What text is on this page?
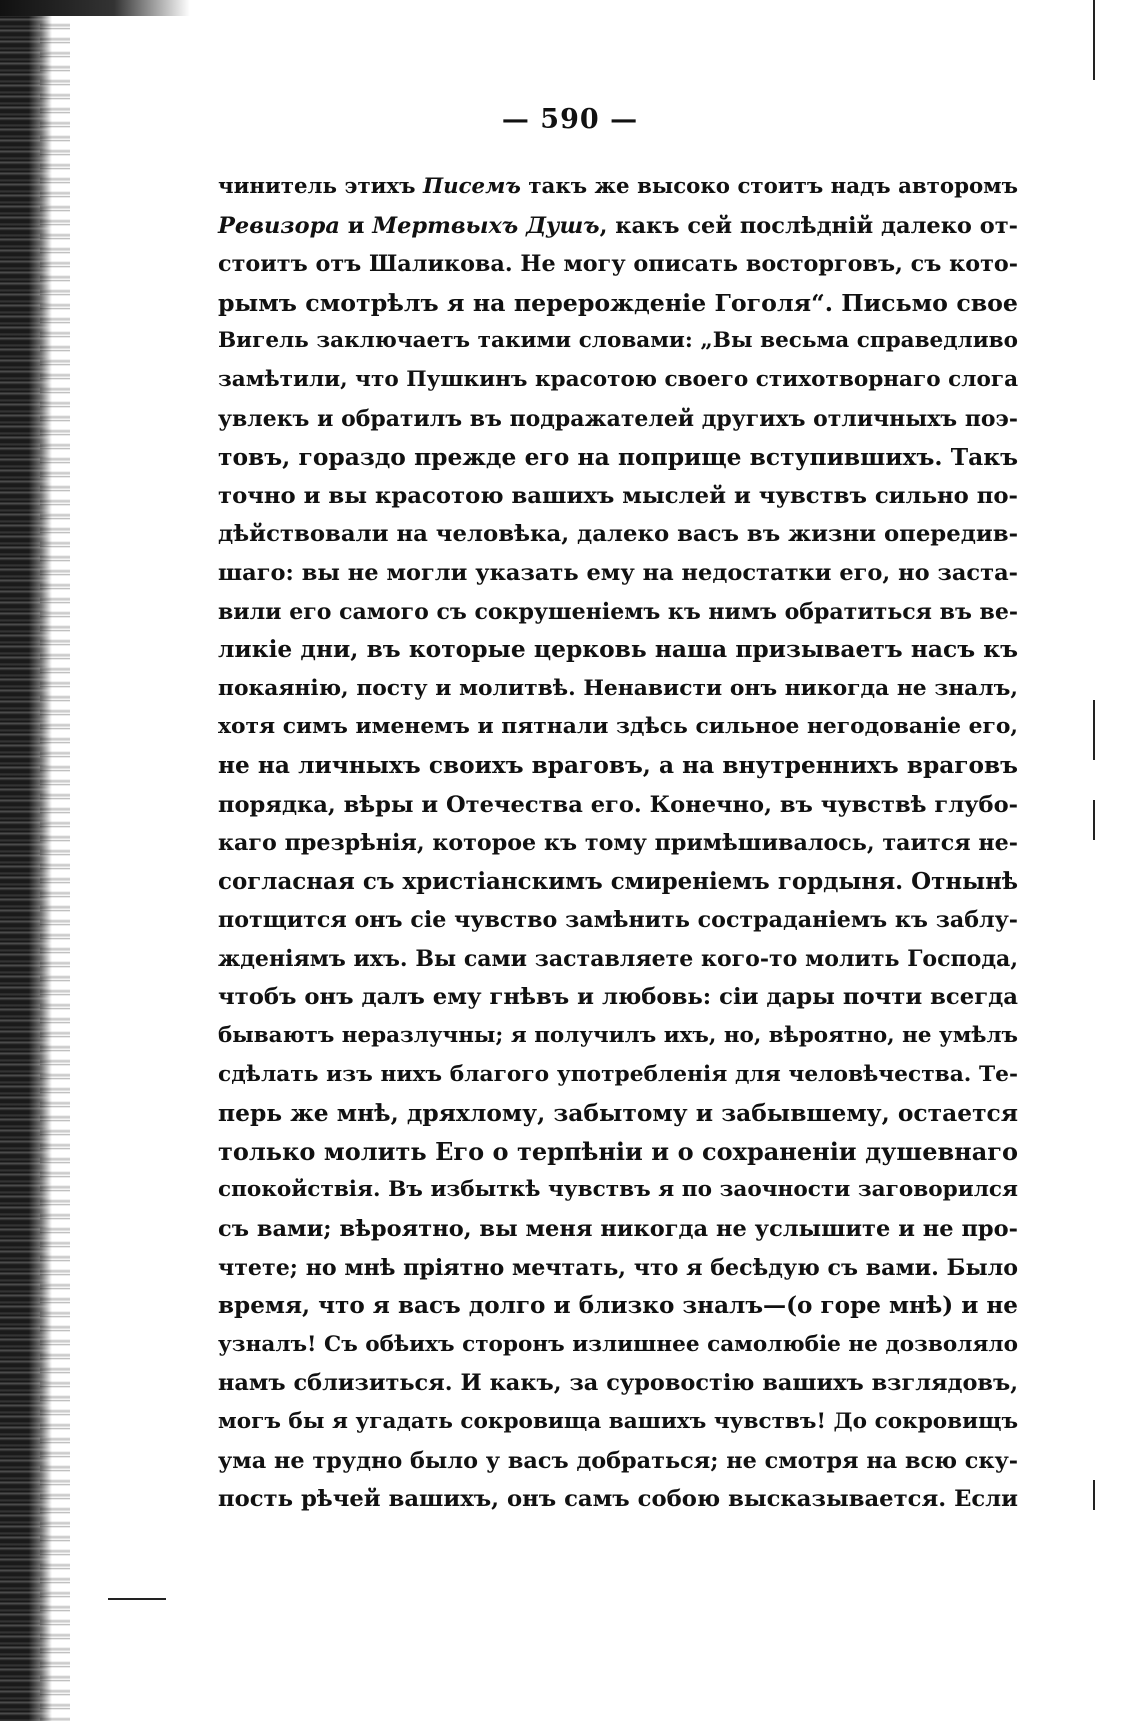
— 590 —
чинитель этихъ Писемъ такъ же высоко стоитъ надъ авторомъ
Ревизора и Мертвыхъ Душъ, какъ сей послѣдній далеко от-
стоитъ отъ Шаликова. Не могу описать восторговъ, съ кото-
рымъ смотрѣлъ я на перерожденіе Гоголя“. Письмо свое
Вигель заключаетъ такими словами: „Вы весьма справедливо
замѣтили, что Пушкинъ красотою своего стихотворнаго слога
увлекъ и обратилъ въ подражателей другихъ отличныхъ поэ-
товъ, гораздо прежде его на поприще вступившихъ. Такъ
точно и вы красотою вашихъ мыслей и чувствъ сильно по-
дѣйствовали на человѣка, далеко васъ въ жизни опередив-
шаго: вы не могли указать ему на недостатки его, но застa-
вили его самого съ сокрушеніемъ къ нимъ обратиться въ ве-
ликіе дни, въ которые церковь наша призываетъ насъ къ
покаянію, посту и молитвѣ. Ненависти онъ никогда не зналъ,
хотя симъ именемъ и пятнали здѣсь сильное негодованіе его,
не на личныхъ своихъ враговъ, а на внутреннихъ враговъ
порядка, вѣры и Отечества его. Конечно, въ чувствѣ глубо-
каго презрѣнія, которое къ тому примѣшивалось, таится не-
согласная съ христіанскимъ смиреніемъ гордыня. Отнынѣ
потщится онъ сіе чувство замѣнить состраданіемъ къ заблу-
жденіямъ ихъ. Вы сами заставляете кого-то молить Господа,
чтобъ онъ далъ ему гнѣвъ и любовь: сіи дары почти всегда
бываютъ неразлучны; я получилъ ихъ, но, вѣроятно, не умѣлъ
сдѣлать изъ нихъ благого употребленія для человѣчества. Те-
перь же мнѣ, дряхлому, забытому и забывшему, остается
только молить Его о терпѣніи и о сохраненіи душевнаго
спокойствія. Въ избыткѣ чувствъ я по заочности заговорился
съ вами; вѣроятно, вы меня никогда не услышите и не про-
чтете; но мнѣ пріятно мечтать, что я бесѣдую съ вами. Было
время, что я васъ долго и близко зналъ—(о горе мнѣ) и не
узналъ! Съ обѣихъ сторонъ излишнее самолюбіе не дозволяло
намъ сблизиться. И какъ, за суровостію вашихъ взглядовъ,
могъ бы я угадать сокровища вашихъ чувствъ! До сокровищъ
ума не трудно было у васъ добраться; не смотря на всю ску-
пость рѣчей вашихъ, онъ самъ собою высказывается. Если
